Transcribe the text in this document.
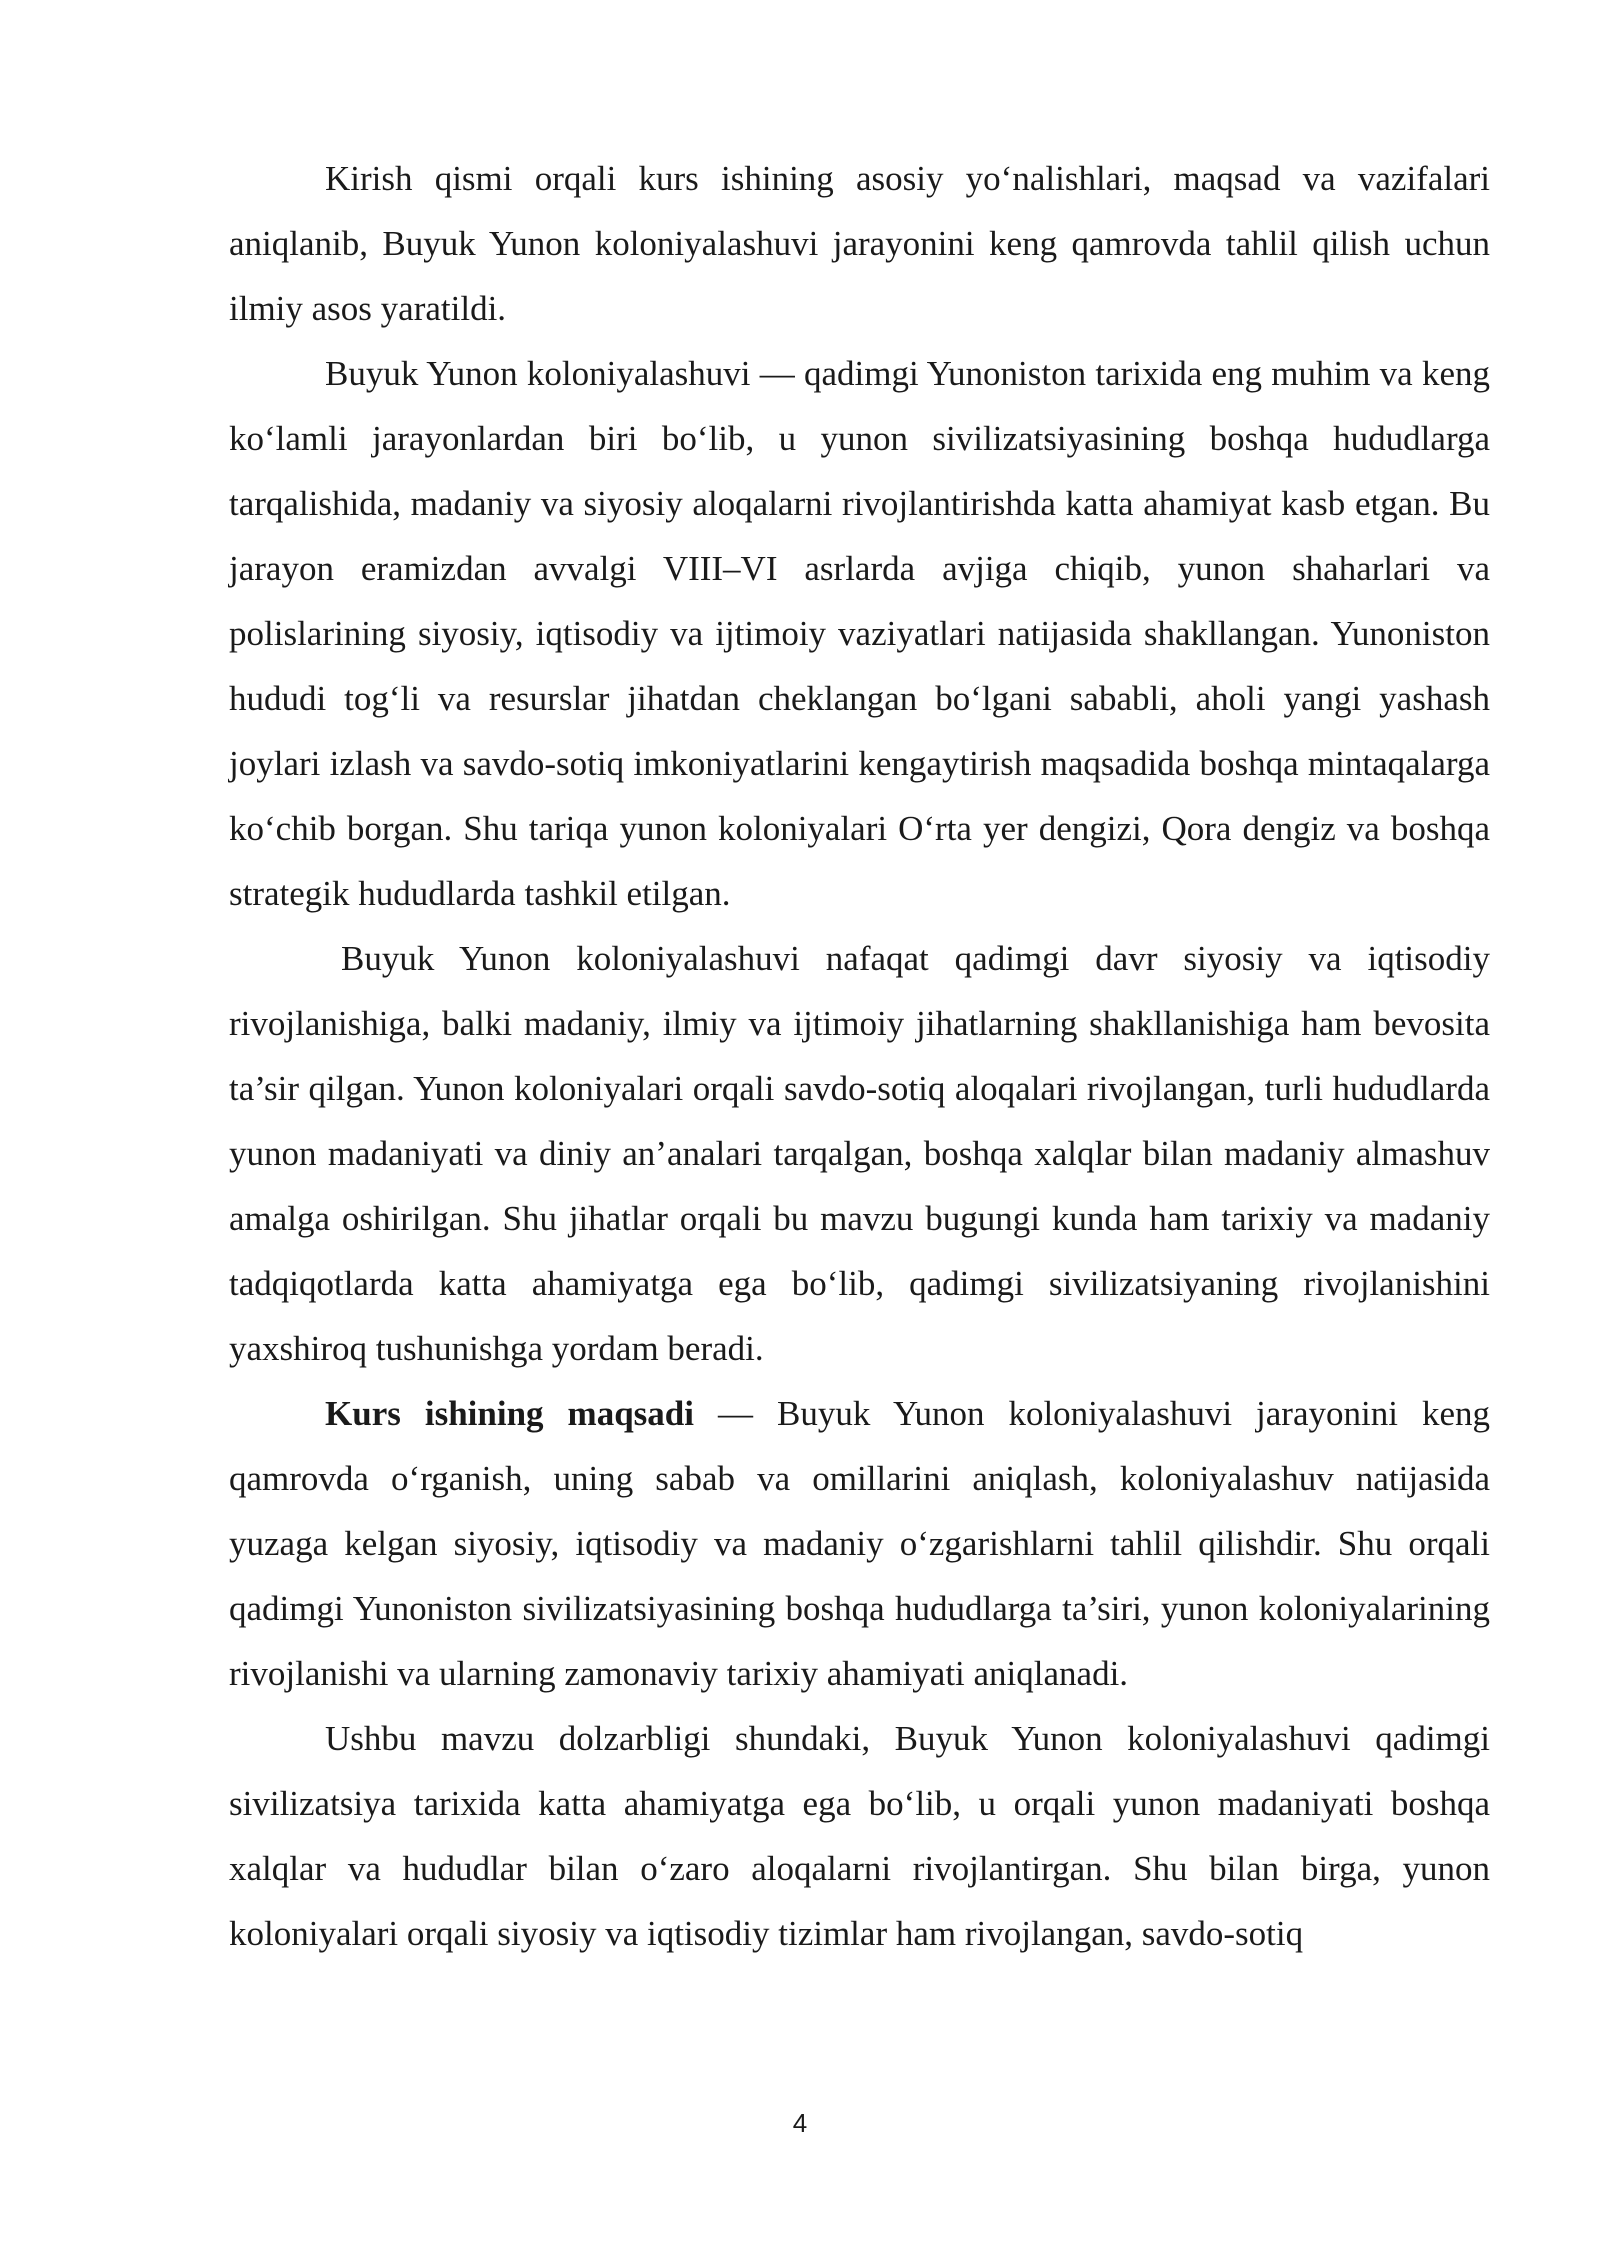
Kirish qismi orqali kurs ishining asosiy yo‘nalishlari, maqsad va vazifalari aniqlanib, Buyuk Yunon koloniyalashuvi jarayonini keng qamrovda tahlil qilish uchun ilmiy asos yaratildi.

Buyuk Yunon koloniyalashuvi — qadimgi Yunoniston tarixida eng muhim va keng ko‘lamli jarayonlardan biri bo‘lib, u yunon sivilizatsiyasining boshqa hududlarga tarqalishida, madaniy va siyosiy aloqalarni rivojlantirishda katta ahamiyat kasb etgan. Bu jarayon eramizdan avvalgi VIII–VI asrlarda avjiga chiqib, yunon shaharlari va polislarining siyosiy, iqtisodiy va ijtimoiy vaziyatlari natijasida shakllangan. Yunoniston hududi tog‘li va resurslar jihatdan cheklangan bo‘lgani sababli, aholi yangi yashash joylari izlash va savdo-sotiq imkoniyatlarini kengaytirish maqsadida boshqa mintaqalarga ko‘chib borgan. Shu tariqa yunon koloniyalari O‘rta yer dengizi, Qora dengiz va boshqa strategik hududlarda tashkil etilgan.

Buyuk Yunon koloniyalashuvi nafaqat qadimgi davr siyosiy va iqtisodiy rivojlanishiga, balki madaniy, ilmiy va ijtimoiy jihatlarning shakllanishiga ham bevosita ta’sir qilgan. Yunon koloniyalari orqali savdo-sotiq aloqalari rivojlangan, turli hududlarda yunon madaniyati va diniy an’analari tarqalgan, boshqa xalqlar bilan madaniy almashuv amalga oshirilgan. Shu jihatlar orqali bu mavzu bugungi kunda ham tarixiy va madaniy tadqiqotlarda katta ahamiyatga ega bo‘lib, qadimgi sivilizatsiyaning rivojlanishini yaxshiroq tushunishga yordam beradi.

Kurs ishining maqsadi — Buyuk Yunon koloniyalashuvi jarayonini keng qamrovda o‘rganish, uning sabab va omillarini aniqlash, koloniyalashuv natijasida yuzaga kelgan siyosiy, iqtisodiy va madaniy o‘zgarishlarni tahlil qilishdir. Shu orqali qadimgi Yunoniston sivilizatsiyasining boshqa hududlarga ta’siri, yunon koloniyalarining rivojlanishi va ularning zamonaviy tarixiy ahamiyati aniqlanadi.

Ushbu mavzu dolzarbligi shundaki, Buyuk Yunon koloniyalashuvi qadimgi sivilizatsiya tarixida katta ahamiyatga ega bo‘lib, u orqali yunon madaniyati boshqa xalqlar va hududlar bilan o‘zaro aloqalarni rivojlantirgan. Shu bilan birga, yunon koloniyalari orqali siyosiy va iqtisodiy tizimlar ham rivojlangan, savdo-sotiq

4
